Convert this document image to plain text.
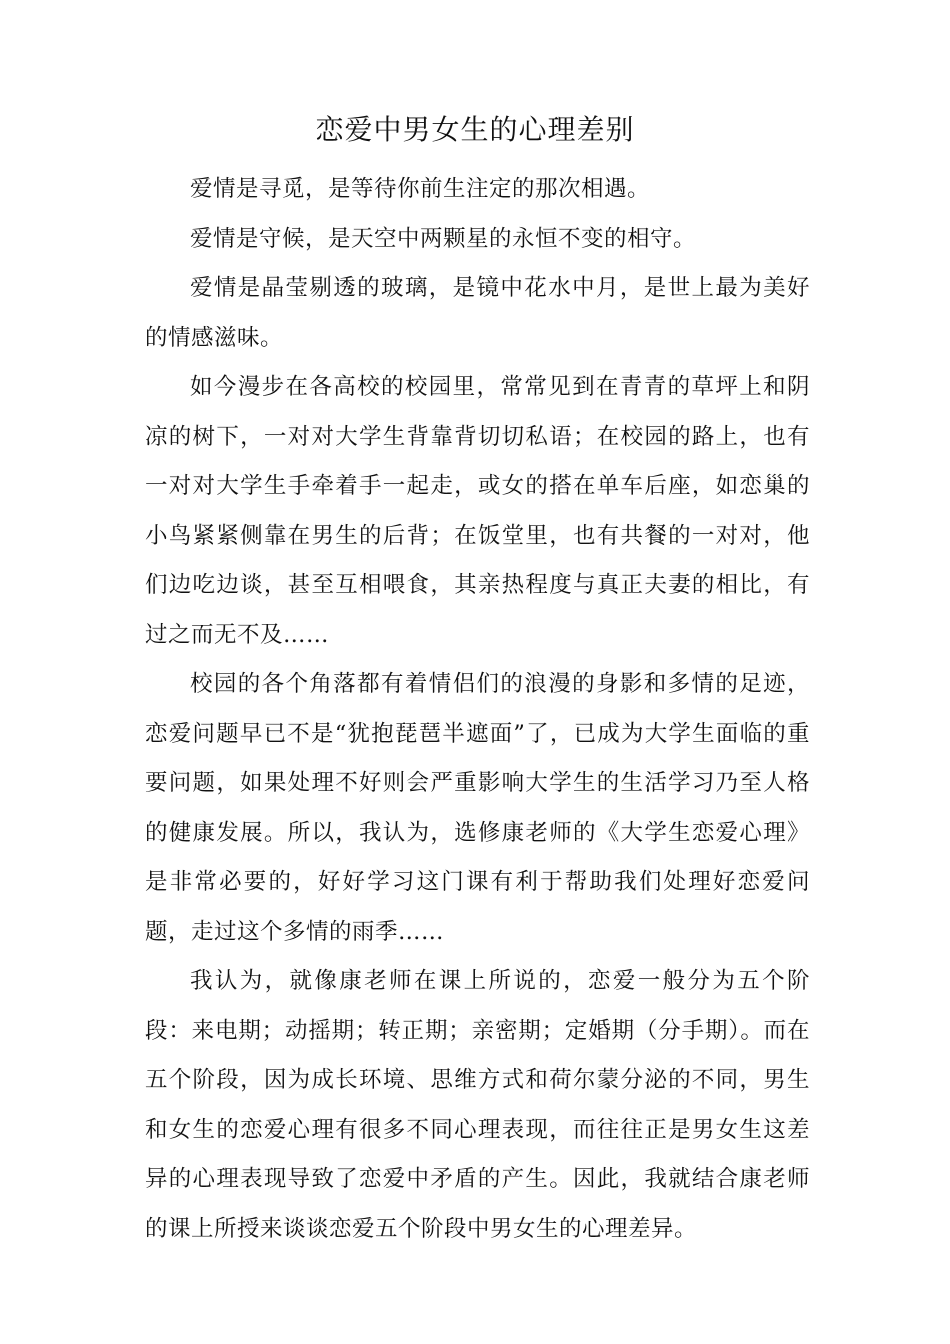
恋爱中男女生的心理差别

爱情是寻觅，是等待你前生注定的那次相遇。

爱情是守候，是天空中两颗星的永恒不变的相守。

爱情是晶莹剔透的玻璃，是镜中花水中月，是世上最为美好的情感滋味。

如今漫步在各高校的校园里，常常见到在青青的草坪上和阴凉的树下，一对对大学生背靠背切切私语；在校园的路上，也有一对对大学生手牵着手一起走，或女的搭在单车后座，如恋巢的小鸟紧紧侧靠在男生的后背；在饭堂里，也有共餐的一对对，他们边吃边谈，甚至互相喂食，其亲热程度与真正夫妻的相比，有过之而无不及……

校园的各个角落都有着情侣们的浪漫的身影和多情的足迹，恋爱问题早已不是“犹抱琵琶半遮面”了，已成为大学生面临的重要问题，如果处理不好则会严重影响大学生的生活学习乃至人格的健康发展。所以，我认为，选修康老师的《大学生恋爱心理》是非常必要的，好好学习这门课有利于帮助我们处理好恋爱问题，走过这个多情的雨季……

我认为，就像康老师在课上所说的，恋爱一般分为五个阶段：来电期；动摇期；转正期；亲密期；定婚期（分手期）。而在五个阶段，因为成长环境、思维方式和荷尔蒙分泌的不同，男生和女生的恋爱心理有很多不同心理表现，而往往正是男女生这差异的心理表现导致了恋爱中矛盾的产生。因此，我就结合康老师的课上所授来谈谈恋爱五个阶段中男女生的心理差异。
